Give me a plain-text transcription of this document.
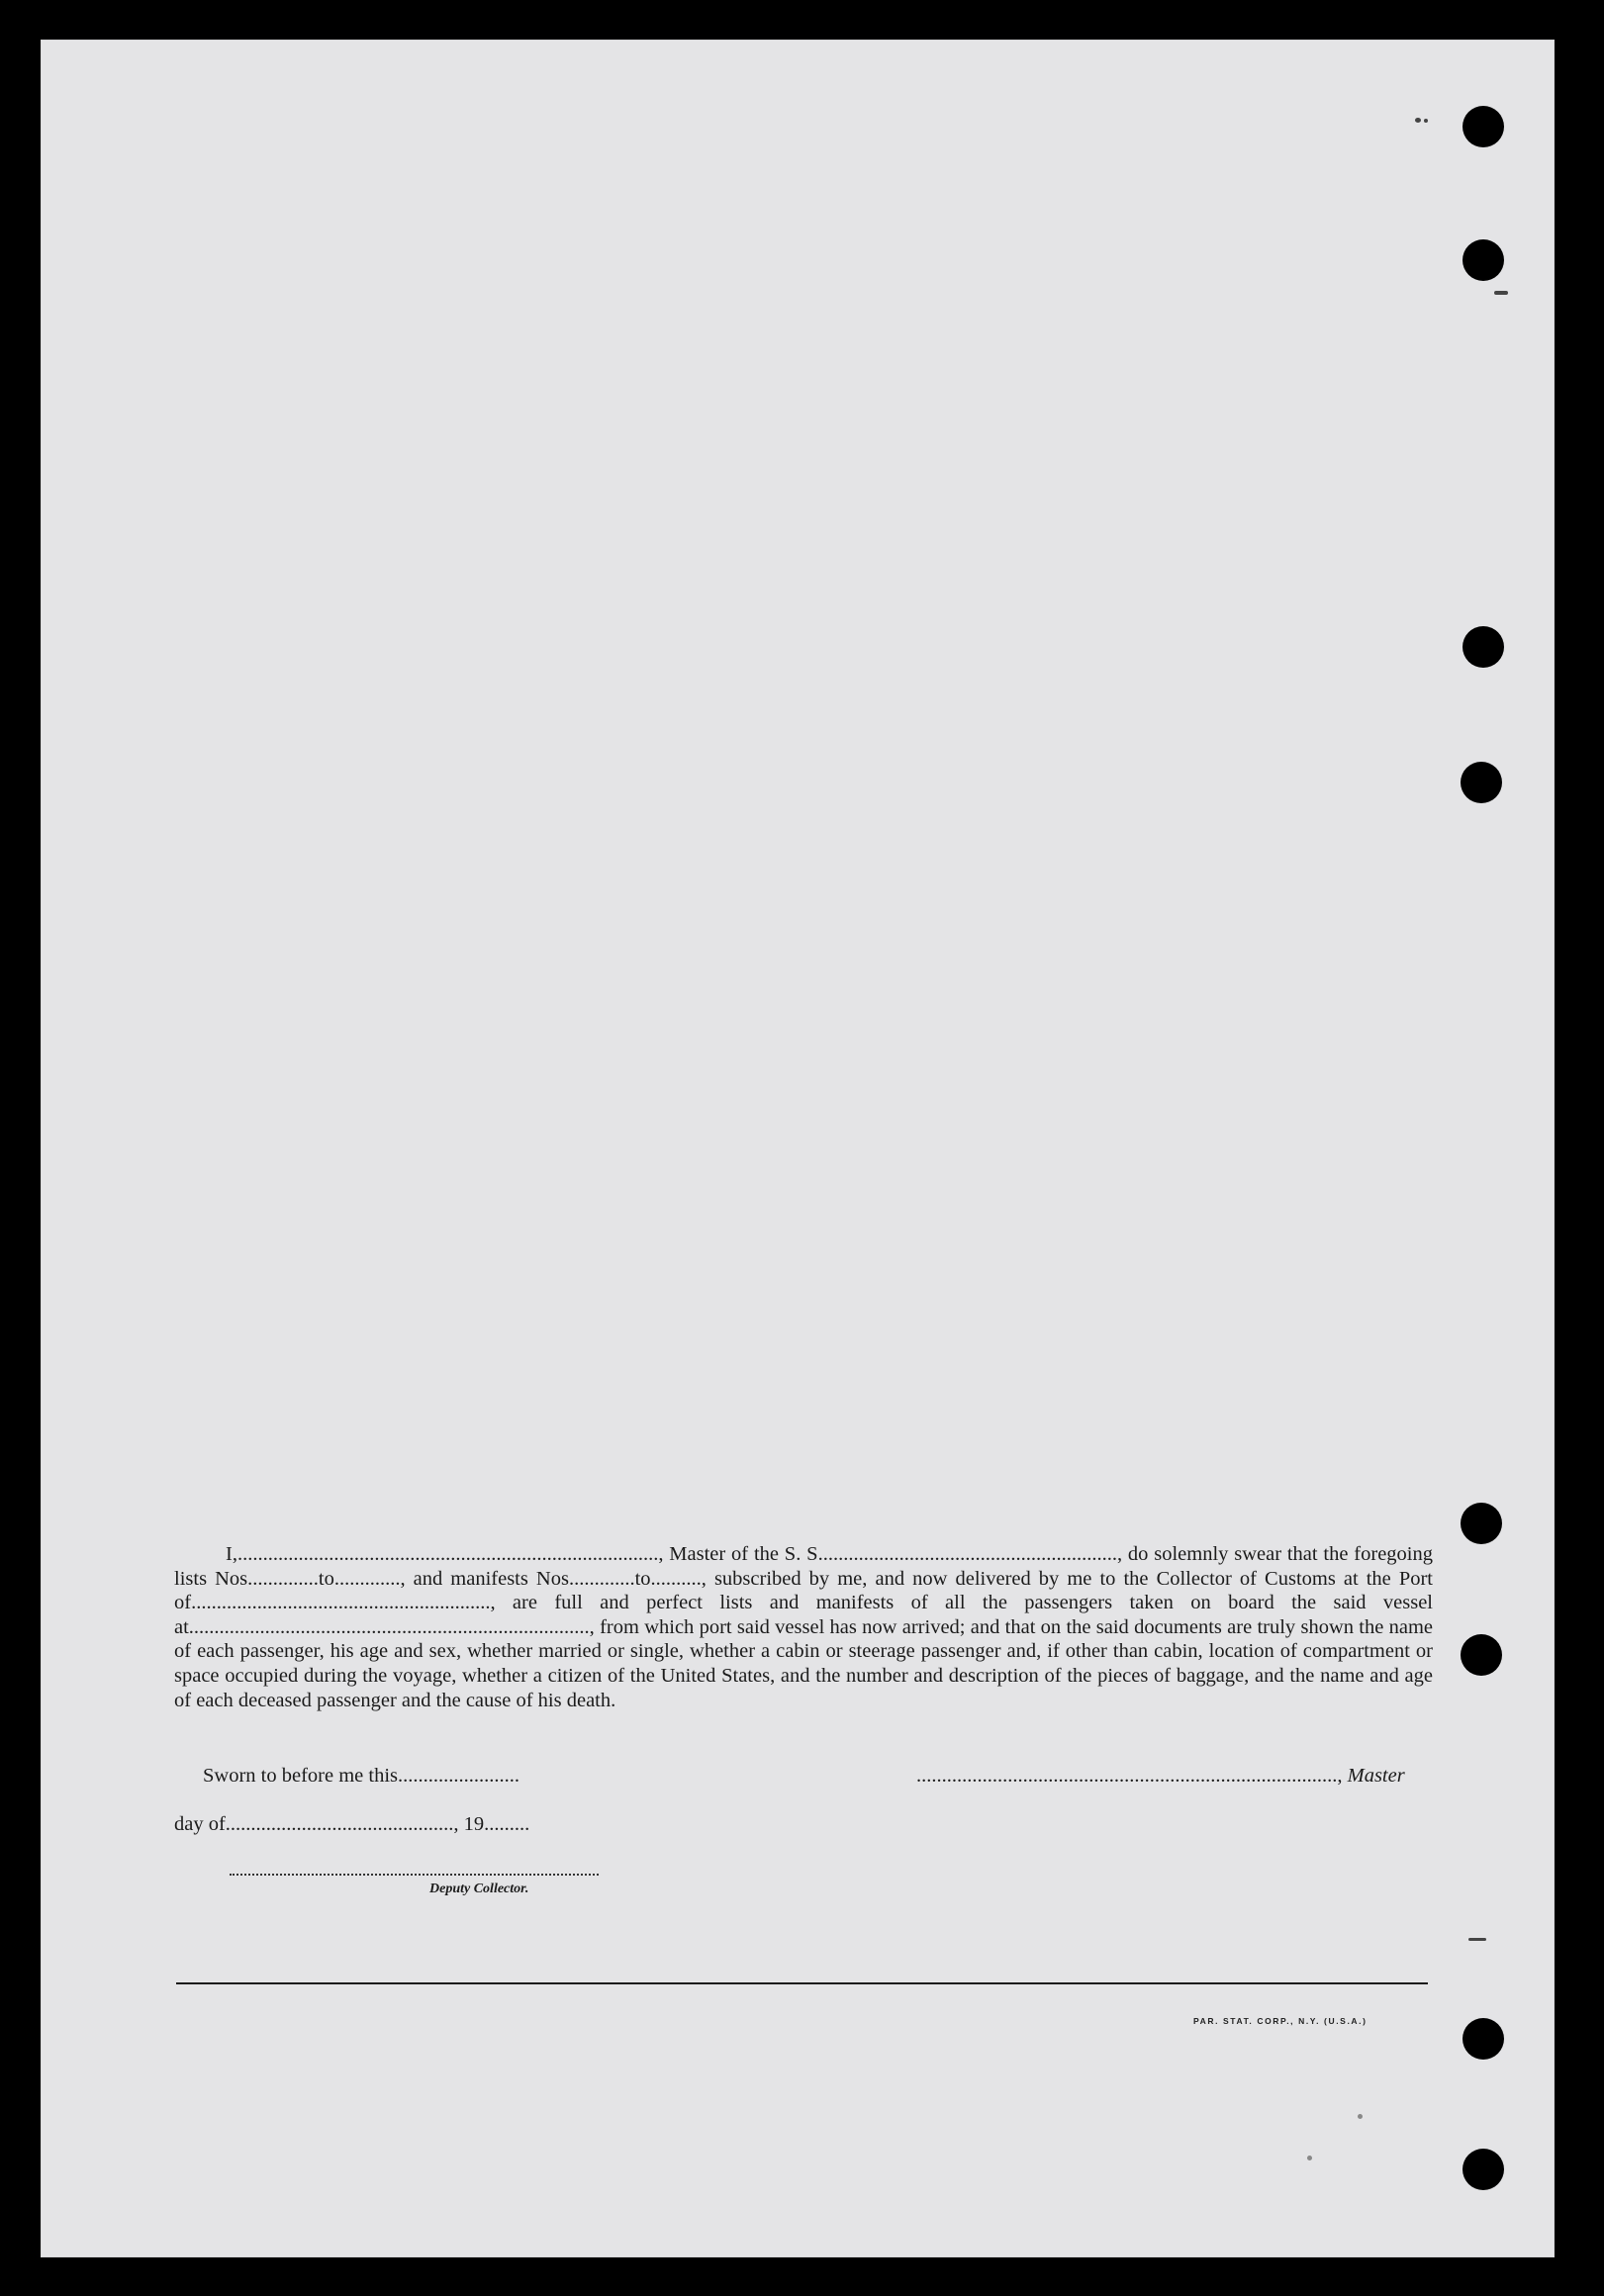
I,..................................................................................., Master of the S. S..........................................................., do solemnly swear that the foregoing lists Nos..............to............., and manifests Nos.............to.........., subscribed by me, and now delivered by me to the Collector of Customs at the Port of..........................................................., are full and perfect lists and manifests of all the passengers taken on board the said vessel at..............................................................................., from which port said vessel has now arrived; and that on the said documents are truly shown the name of each passenger, his age and sex, whether married or single, whether a cabin or steerage passenger and, if other than cabin, location of compartment or space occupied during the voyage, whether a citizen of the United States, and the number and description of the pieces of baggage, and the name and age of each deceased passenger and the cause of his death.

Sworn to before me this........................	..................................................................................., Master
day of............................................., 19.........
Deputy Collector.
PAR. STAT. CORP., N.Y. (U.S.A.)
